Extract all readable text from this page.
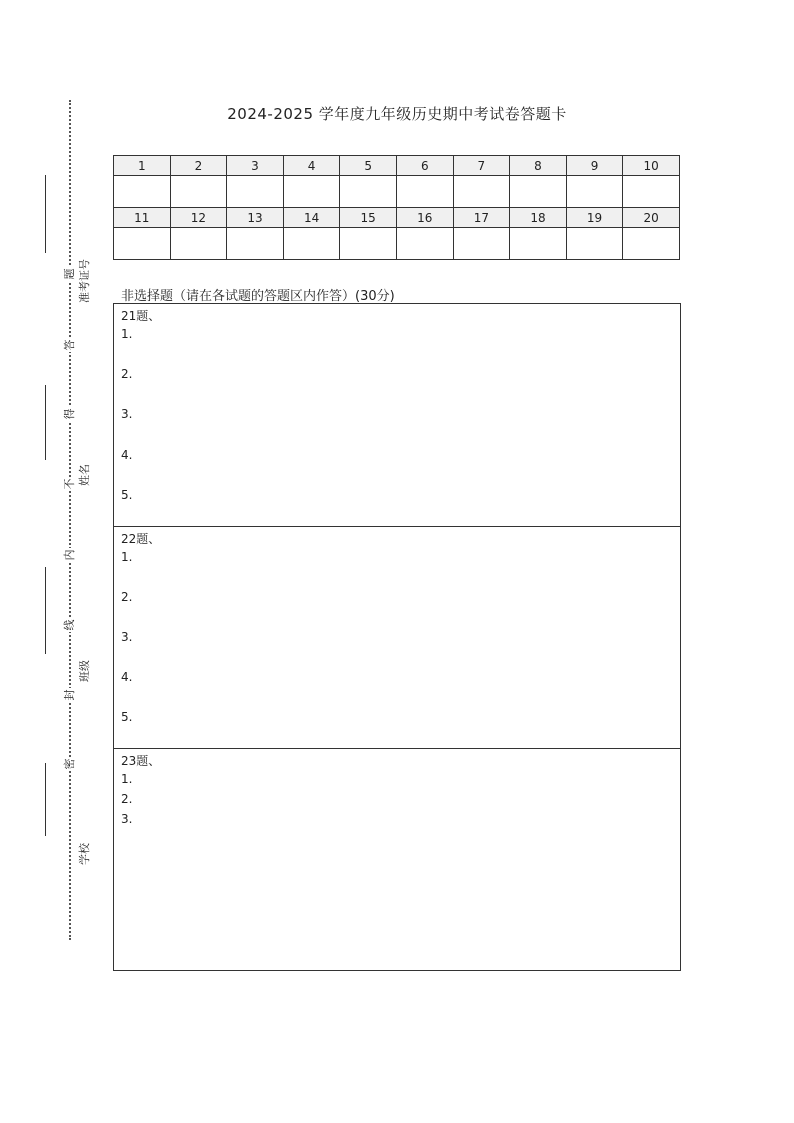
2024-2025 学年度九年级历史期中考试卷答题卡
题
答
得
不
内
线
封
密
准考证号
姓名
班级
学校
1	2	3	4	5	6	7	8	9	10

11	12	13	14	15	16	17	18	19	20

非选择题（请在各试题的答题区内作答）(30分)
21题、
1.
2.
3.
4.
5.
22题、
1.
2.
3.
4.
5.
23题、
1.
2.
3.
